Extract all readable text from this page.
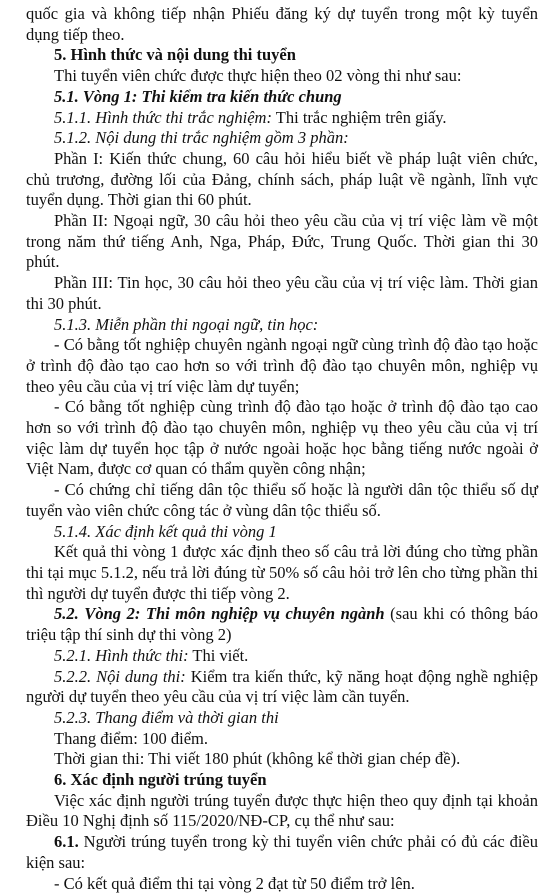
quốc gia và không tiếp nhận Phiếu đăng ký dự tuyển trong một kỳ tuyển dụng tiếp theo.

5. Hình thức và nội dung thi tuyển

Thi tuyển viên chức được thực hiện theo 02 vòng thi như sau:

5.1. Vòng 1: Thi kiểm tra kiến thức chung

5.1.1. Hình thức thi trắc nghiệm: Thi trắc nghiệm trên giấy.

5.1.2. Nội dung thi trắc nghiệm gồm 3 phần:

Phần I: Kiến thức chung, 60 câu hỏi hiểu biết về pháp luật viên chức, chủ trương, đường lối của Đảng, chính sách, pháp luật về ngành, lĩnh vực tuyển dụng. Thời gian thi 60 phút.

Phần II: Ngoại ngữ, 30 câu hỏi theo yêu cầu của vị trí việc làm về một trong năm thứ tiếng Anh, Nga, Pháp, Đức, Trung Quốc. Thời gian thi 30 phút.

Phần III: Tin học, 30 câu hỏi theo yêu cầu của vị trí việc làm. Thời gian thi 30 phút.

5.1.3. Miễn phần thi ngoại ngữ, tin học:

- Có bằng tốt nghiệp chuyên ngành ngoại ngữ cùng trình độ đào tạo hoặc ở trình độ đào tạo cao hơn so với trình độ đào tạo chuyên môn, nghiệp vụ theo yêu cầu của vị trí việc làm dự tuyển;

- Có bằng tốt nghiệp cùng trình độ đào tạo hoặc ở trình độ đào tạo cao hơn so với trình độ đào tạo chuyên môn, nghiệp vụ theo yêu cầu của vị trí việc làm dự tuyển học tập ở nước ngoài hoặc học bằng tiếng nước ngoài ở Việt Nam, được cơ quan có thẩm quyền công nhận;

- Có chứng chỉ tiếng dân tộc thiểu số hoặc là người dân tộc thiểu số dự tuyển vào viên chức công tác ở vùng dân tộc thiểu số.

5.1.4. Xác định kết quả thi vòng 1

Kết quả thi vòng 1 được xác định theo số câu trả lời đúng cho từng phần thi tại mục 5.1.2, nếu trả lời đúng từ 50% số câu hỏi trở lên cho từng phần thi thì người dự tuyển được thi tiếp vòng 2.

5.2. Vòng 2: Thi môn nghiệp vụ chuyên ngành (sau khi có thông báo triệu tập thí sinh dự thi vòng 2)

5.2.1. Hình thức thi: Thi viết.

5.2.2. Nội dung thi: Kiểm tra kiến thức, kỹ năng hoạt động nghề nghiệp người dự tuyển theo yêu cầu của vị trí việc làm cần tuyển.

5.2.3. Thang điểm và thời gian thi

Thang điểm: 100 điểm.

Thời gian thi: Thi viết 180 phút (không kể thời gian chép đề).

6. Xác định người trúng tuyển

Việc xác định người trúng tuyển được thực hiện theo quy định tại khoản Điều 10 Nghị định số 115/2020/NĐ-CP, cụ thể như sau:

6.1. Người trúng tuyển trong kỳ thi tuyển viên chức phải có đủ các điều kiện sau:

- Có kết quả điểm thi tại vòng 2 đạt từ 50 điểm trở lên.
